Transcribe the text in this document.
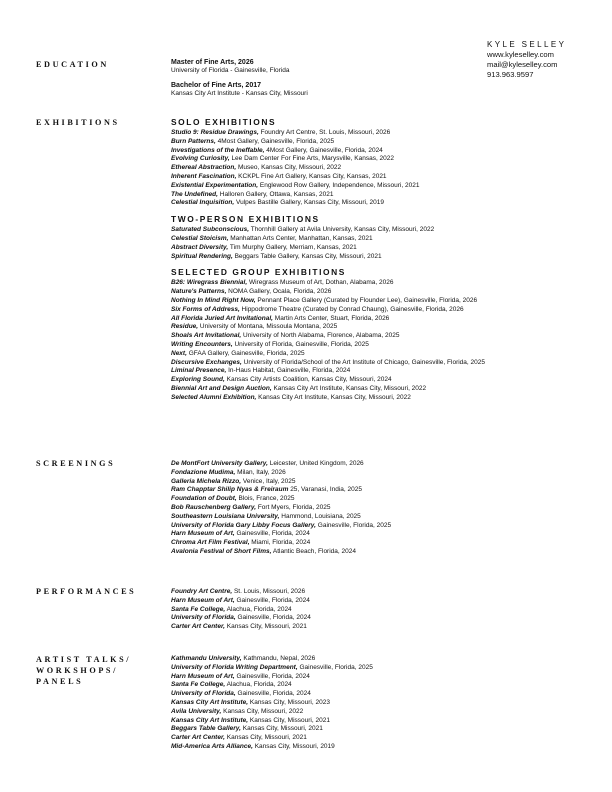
KYLE SELLEY
www.kyleselley.com
mail@kyleselley.com
913.963.9597
EDUCATION
EXHIBITIONS
SCREENINGS
PERFORMANCES
ARTIST TALKS/
WORKSHOPS/
PANELS
Master of Fine Arts, 2026
University of Florida - Gainesville, Florida
Bachelor of Fine Arts, 2017
Kansas City Art Institute - Kansas City, Missouri
SOLO EXHIBITIONS
Studio 9: Residue Drawings, Foundry Art Centre, St. Louis, Missouri, 2026
Burn Patterns, 4Most Gallery, Gainesville, Florida, 2025
Investigations of the Ineffable, 4Most Gallery, Gainesville, Florida, 2024
Evolving Curiosity, Lee Dam Center For Fine Arts, Marysville, Kansas, 2022
Ethereal Abstraction, Museo, Kansas City, Missouri, 2022
Inherent Fascination, KCKPL Fine Art Gallery, Kansas City, Kansas, 2021
Existential Experimentation, Englewood Row Gallery, Independence, Missouri, 2021
The Undefined, Halloren Gallery, Ottawa, Kansas, 2021
Celestial Inquisition, Vulpes Bastille Gallery, Kansas City, Missouri, 2019
TWO-PERSON EXHIBITIONS
Saturated Subconscious, Thornhill Gallery at Avila University, Kansas City, Missouri, 2022
Celestial Stoicism, Manhattan Arts Center, Manhattan, Kansas, 2021
Abstract Diversity, Tim Murphy Gallery, Merriam, Kansas, 2021
Spiritual Rendering, Beggars Table Gallery, Kansas City, Missouri, 2021
SELECTED GROUP EXHIBITIONS
B26: Wiregrass Biennial, Wiregrass Museum of Art, Dothan, Alabama, 2026
Nature's Patterns, NOMA Gallery, Ocala, Florida, 2026
Nothing In Mind Right Now, Pennant Place Gallery (Curated by Flounder Lee), Gainesville, Florida, 2026
Six Forms of Address, Hippodrome Theatre (Curated by Conrad Chaung), Gainesville, Florida, 2026
All Florida Juried Art Invitational, Martin Arts Center, Stuart, Florida, 2026
Residue, University of Montana, Missoula Montana, 2025
Shoals Art Invitational, University of North Alabama, Florence, Alabama, 2025
Writing Encounters, University of Florida, Gainesville, Florida, 2025
Next, GFAA Gallery, Gainesville, Florida, 2025
Discursive Exchanges, University of Florida/School of the Art Institute of Chicago, Gainesville, Florida, 2025
Liminal Presence, In-Haus Habitat, Gainesville, Florida, 2024
Exploring Sound, Kansas City Artists Coalition, Kansas City, Missouri, 2024
Biennial Art and Design Auction, Kansas City Art Institute, Kansas City, Missouri, 2022
Selected Alumni Exhibition, Kansas City Art Institute, Kansas City, Missouri, 2022
De MontFort University Gallery, Leicester, United Kingdom, 2026
Fondazione Mudima, Milan, Italy, 2026
Galleria Michela Rizzo, Venice, Italy, 2025
Ram Chapptar Shilip Nyas & Freiraum 25, Varanasi, India, 2025
Foundation of Doubt, Blois, France, 2025
Bob Rauschenberg Gallery, Fort Myers, Florida, 2025
Southeastern Louisiana University, Hammond, Louisiana, 2025
University of Florida Gary Libby Focus Gallery, Gainesville, Florida, 2025
Harn Museum of Art, Gainesville, Florida, 2024
Chroma Art Film Festival, Miami, Florida, 2024
Avalonia Festival of Short Films, Atlantic Beach, Florida, 2024
Foundry Art Centre, St. Louis, Missouri, 2026
Harn Museum of Art, Gainesville, Florida, 2024
Santa Fe College, Alachua, Florida, 2024
University of Florida, Gainesville, Florida, 2024
Carter Art Center, Kansas City, Missouri, 2021
Kathmandu University, Kathmandu, Nepal, 2026
University of Florida Writing Department, Gainesville, Florida, 2025
Harn Museum of Art, Gainesville, Florida, 2024
Santa Fe College, Alachua, Florida, 2024
University of Florida, Gainesville, Florida, 2024
Kansas City Art Institute, Kansas City, Missouri, 2023
Avila University, Kansas City, Missouri, 2022
Kansas City Art Institute, Kansas City, Missouri, 2021
Beggars Table Gallery, Kansas City, Missouri, 2021
Carter Art Center, Kansas City, Missouri, 2021
Mid-America Arts Alliance, Kansas City, Missouri, 2019
